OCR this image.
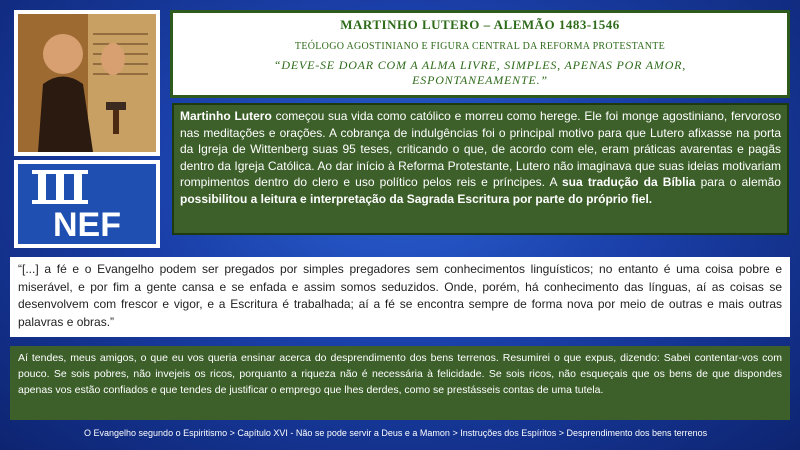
NEF
MARTINHO LUTERO – ALEMÃO 1483-1546
TEÓLOGO AGOSTINIANO E FIGURA CENTRAL DA REFORMA PROTESTANTE
“DEVE-SE DOAR COM A ALMA LIVRE, SIMPLES, APENAS POR AMOR, ESPONTANEAMENTE.”
Martinho Lutero começou sua vida como católico e morreu como herege. Ele foi monge agostiniano, fervoroso nas meditações e orações. A cobrança de indulgências foi o principal motivo para que Lutero afixasse na porta da Igreja de Wittenberg suas 95 teses, criticando o que, de acordo com ele, eram práticas avarentas e pagãs dentro da Igreja Católica. Ao dar início à Reforma Protestante, Lutero não imaginava que suas ideias motivariam rompimentos dentro do clero e uso político pelos reis e príncipes. A sua tradução da Bíblia para o alemão possibilitou a leitura e interpretação da Sagrada Escritura por parte do próprio fiel.
“[...] a fé e o Evangelho podem ser pregados por simples pregadores sem conhecimentos linguísticos; no entanto é uma coisa pobre e miserável, e por fim a gente cansa e se enfada e assim somos seduzidos. Onde, porém, há conhecimento das línguas, aí as coisas se desenvolvem com frescor e vigor, e a Escritura é trabalhada; aí a fé se encontra sempre de forma nova por meio de outras e mais outras palavras e obras.”
Aí tendes, meus amigos, o que eu vos queria ensinar acerca do desprendimento dos bens terrenos. Resumirei o que expus, dizendo: Sabei contentar-vos com pouco. Se sois pobres, não invejeis os ricos, porquanto a riqueza não é necessária à felicidade. Se sois ricos, não esqueçais que os bens de que dispondes apenas vos estão confiados e que tendes de justificar o emprego que lhes derdes, como se prestásseis contas de uma tutela.
O Evangelho segundo o Espiritismo > Capítulo XVI - Não se pode servir a Deus e a Mamon > Instruções dos Espíritos > Desprendimento dos bens terrenos
